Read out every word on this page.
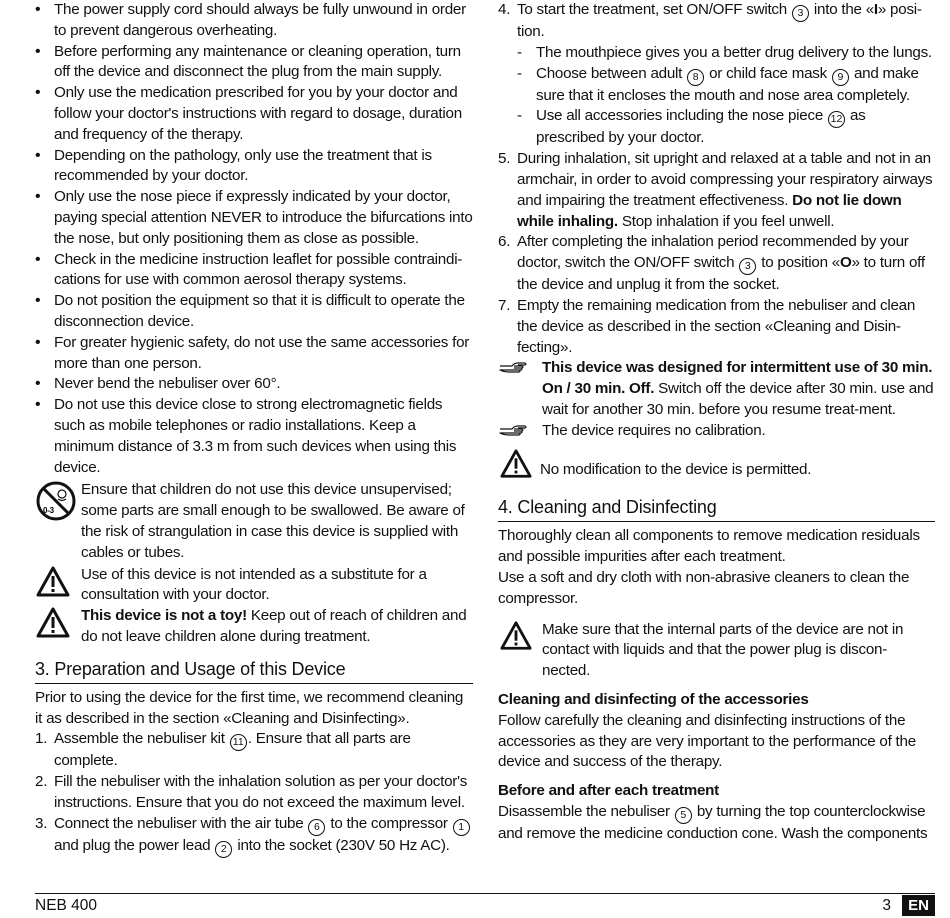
• The power supply cord should always be fully unwound in order to prevent dangerous overheating.
• Before performing any maintenance or cleaning operation, turn off the device and disconnect the plug from the main supply.
• Only use the medication prescribed for you by your doctor and follow your doctor's instructions with regard to dosage, duration and frequency of the therapy.
• Depending on the pathology, only use the treatment that is recommended by your doctor.
• Only use the nose piece if expressly indicated by your doctor, paying special attention NEVER to introduce the bifurcations into the nose, but only positioning them as close as possible.
• Check in the medicine instruction leaflet for possible contraindi-cations for use with common aerosol therapy systems.
• Do not position the equipment so that it is difficult to operate the disconnection device.
• For greater hygienic safety, do not use the same accessories for more than one person.
• Never bend the nebuliser over 60°.
• Do not use this device close to strong electromagnetic fields such as mobile telephones or radio installations. Keep a minimum distance of 3.3 m from such devices when using this device.
0-3
Ensure that children do not use this device unsupervised; some parts are small enough to be swallowed. Be aware of the risk of strangulation in case this device is supplied with cables or tubes.
Use of this device is not intended as a substitute for a consultation with your doctor.
This device is not a toy! Keep out of reach of children and do not leave children alone during treatment.
3. Preparation and Usage of this Device

Prior to using the device for the first time, we recommend cleaning it as described in the section «Cleaning and Disinfecting».

1. Assemble the nebuliser kit 11 . Ensure that all parts are complete.
2. Fill the nebuliser with the inhalation solution as per your doctor's instructions. Ensure that you do not exceed the maximum level.
3. Connect the nebuliser with the air tube 6 to the compressor 1 and plug the power lead 2 into the socket (230V 50 Hz AC).
4. To start the treatment, set ON/OFF switch 3 into the «I» posi-tion.
- The mouthpiece gives you a better drug delivery to the lungs.
- Choose between adult 8 or child face mask 9 and make sure that it encloses the mouth and nose area completely.
- Use all accessories including the nose piece 12 as prescribed by your doctor.
5. During inhalation, sit upright and relaxed at a table and not in an armchair, in order to avoid compressing your respiratory airways and impairing the treatment effectiveness. Do not lie down while inhaling. Stop inhalation if you feel unwell.
6. After completing the inhalation period recommended by your doctor, switch the ON/OFF switch 3 to position «O» to turn off the device and unplug it from the socket.
7. Empty the remaining medication from the nebuliser and clean the device as described in the section «Cleaning and Disin-fecting».
This device was designed for intermittent use of 30 min. On / 30 min. Off. Switch off the device after 30 min. use and wait for another 30 min. before you resume treat-ment.
The device requires no calibration.
No modification to the device is permitted.
4. Cleaning and Disinfecting

Thoroughly clean all components to remove medication residuals and possible impurities after each treatment.

Use a soft and dry cloth with non-abrasive cleaners to clean the compressor.

Make sure that the internal parts of the device are not in contact with liquids and that the power plug is discon-nected.
Cleaning and disinfecting of the accessories

Follow carefully the cleaning and disinfecting instructions of the accessories as they are very important to the performance of the device and success of the therapy.

Before and after each treatment

Disassemble the nebuliser 5 by turning the top counterclockwise and remove the medicine conduction cone. Wash the components

NEB 400	3	EN
